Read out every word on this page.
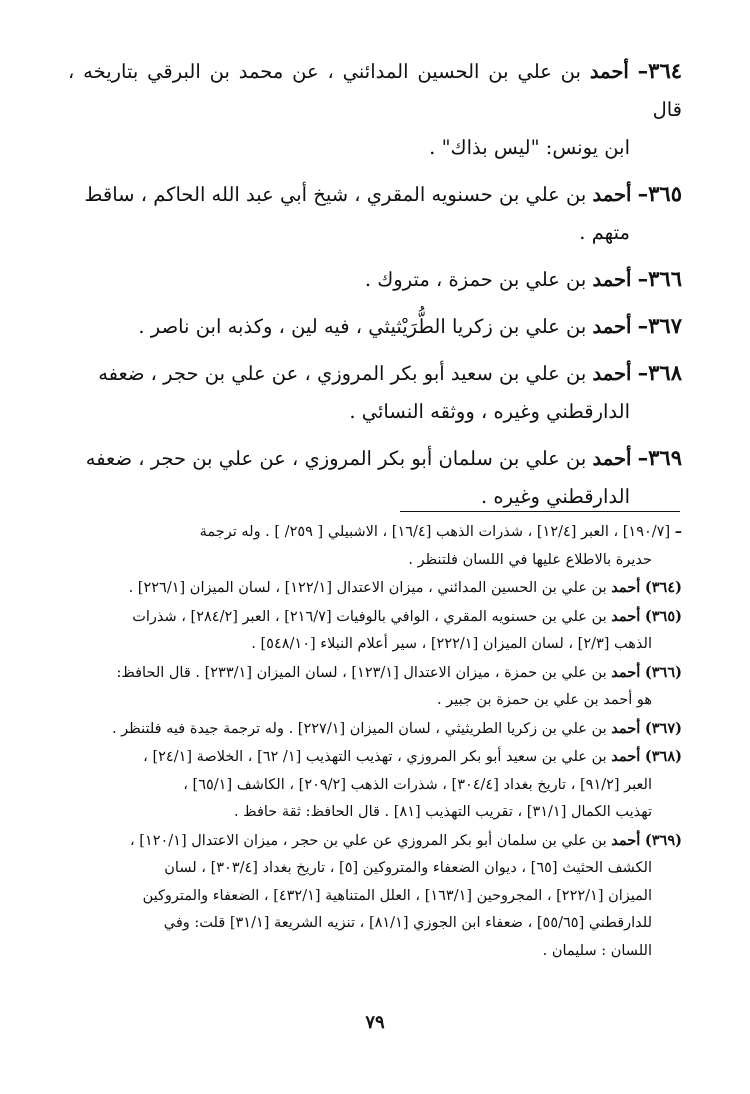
٣٦٤– أحمد بن علي بن الحسين المدائني ، عن محمد بن البرقي بتاريخه ، قال
ابن يونس: "ليس بذاك" .

٣٦٥– أحمد بن علي بن حسنويه المقري ، شيخ أبي عبد الله الحاكم ، ساقط
متهم .

٣٦٦– أحمد بن علي بن حمزة ، متروك .

٣٦٧– أحمد بن علي بن زكريا الطُّرَيْثيثي ، فيه لين ، وكذبه ابن ناصر .

٣٦٨– أحمد بن علي بن سعيد أبو بكر المروزي ، عن علي بن حجر ، ضعفه
الدارقطني وغيره ، ووثقه النسائي .

٣٦٩– أحمد بن علي بن سلمان أبو بكر المروزي ، عن علي بن حجر ، ضعفه
الدارقطني وغيره .

– [١٩٠/٧] ، العبر [١٢/٤] ، شذرات الذهب [١٦/٤] ، الاشبيلي [ ٢٥٩/ ] . وله ترجمة
حديرة بالاطلاع عليها في اللسان فلتنظر .

(٣٦٤) أحمد بن علي بن الحسين المدائني ، ميزان الاعتدال [١٢٢/١] ، لسان الميزان [٢٢٦/١] .

(٣٦٥) أحمد بن علي بن حسنويه المقري ، الوافي بالوفيات [٢١٦/٧] ، العبر [٢٨٤/٢] ، شذرات
الذهب [٢/٣] ، لسان الميزان [٢٢٢/١] ، سير أعلام النبلاء [٥٤٨/١٠] .

(٣٦٦) أحمد بن علي بن حمزة ، ميزان الاعتدال [١٢٣/١] ، لسان الميزان [٢٣٣/١] . قال الحافظ:
هو أحمد بن علي بن حمزة بن جبير .

(٣٦٧) أحمد بن علي بن زكريا الطريثيثي ، لسان الميزان [٢٢٧/١] . وله ترجمة جيدة فيه فلتنظر .

(٣٦٨) أحمد بن علي بن سعيد أبو بكر المروزي ، تهذيب التهذيب [١/ ٦٢] ، الخلاصة [٢٤/١] ،
العبر [٩١/٢] ، تاريخ بغداد [٣٠٤/٤] ، شذرات الذهب [٢٠٩/٢] ، الكاشف [٦٥/١] ،
تهذيب الكمال [٣١/١] ، تقريب التهذيب [٨١] . قال الحافظ: ثقة حافظ .

(٣٦٩) أحمد بن علي بن سلمان أبو بكر المروزي عن علي بن حجر ، ميزان الاعتدال [١٢٠/١] ،
الكشف الحثيث [٦٥] ، ديوان الضعفاء والمتروكين [٥] ، تاريخ بغداد [٣٠٣/٤] ، لسان
الميزان [٢٢٢/١] ، المجروحين [١٦٣/١] ، العلل المتناهية [٤٣٢/١] ، الضعفاء والمتروكين
للدارقطني [٥٥/٦٥] ، ضعفاء ابن الجوزي [٨١/١] ، تنزيه الشريعة [٣١/١] قلت: وفي
اللسان : سليمان .

٧٩
